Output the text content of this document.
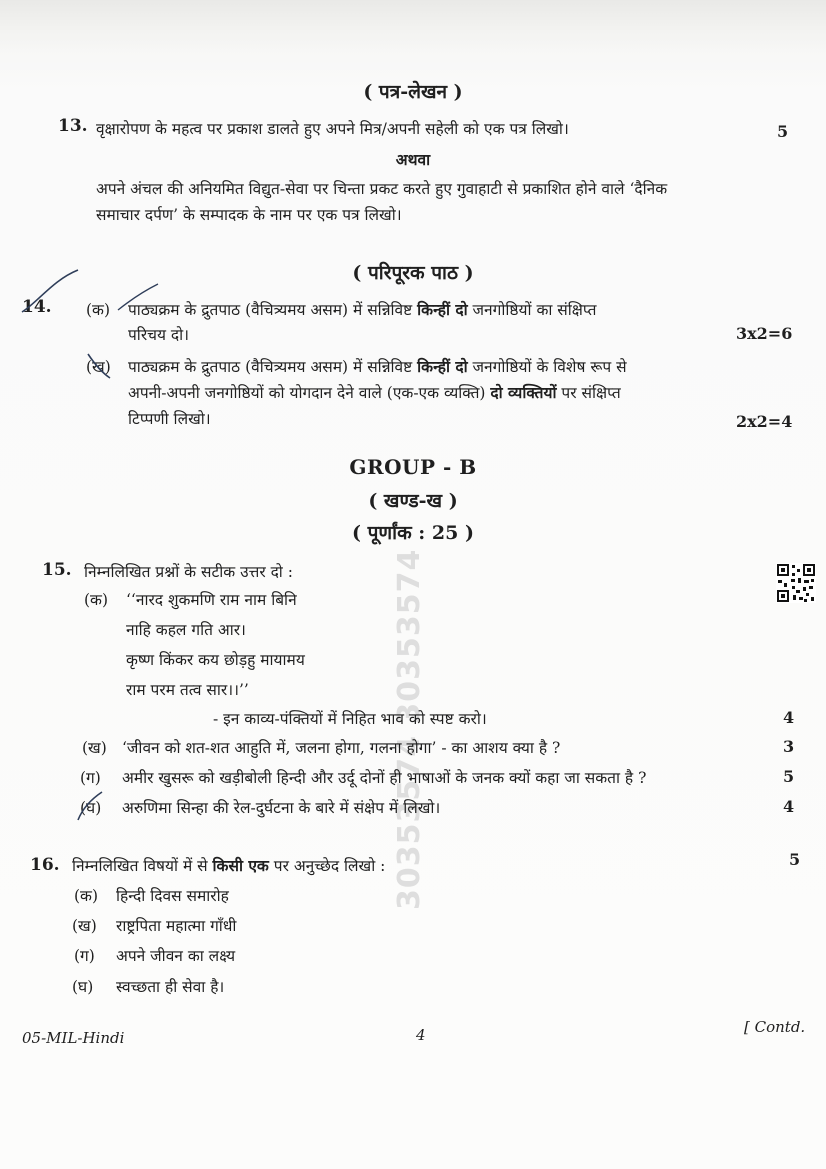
30353574 30353574
( पत्र-लेखन )
13. वृक्षारोपण के महत्व पर प्रकाश डालते हुए अपने मित्र/अपनी सहेली को एक पत्र लिखो।	5
अथवा
अपने अंचल की अनियमित विद्युत-सेवा पर चिन्ता प्रकट करते हुए गुवाहाटी से प्रकाशित होने वाले ‘दैनिक
समाचार दर्पण’ के सम्पादक के नाम पर एक पत्र लिखो।
( परिपूरक पाठ )
14. (क) पाठ्यक्रम के द्रुतपाठ (वैचित्र्यमय असम) में सन्निविष्ट किन्हीं दो जनगोष्ठियों का संक्षिप्त
परिचय दो।	3x2=6
(ख) पाठ्यक्रम के द्रुतपाठ (वैचित्र्यमय असम) में सन्निविष्ट किन्हीं दो जनगोष्ठियों के विशेष रूप से
अपनी-अपनी जनगोष्ठियों को योगदान देने वाले (एक-एक व्यक्ति) दो व्यक्तियों पर संक्षिप्त
टिप्पणी लिखो।	2x2=4
GROUP - B
( खण्ड-ख )
( पूर्णांक : 25 )
15. निम्नलिखित प्रश्नों के सटीक उत्तर दो :
(क) ‘‘नारद शुकमणि राम नाम बिनि
नाहि कहल गति आर।
कृष्ण किंकर कय छोड़हु मायामय
राम परम तत्व सार।।’’
- इन काव्य-पंक्तियों में निहित भाव को स्पष्ट करो।	4
(ख) ‘जीवन को शत-शत आहुति में, जलना होगा, गलना होगा’ - का आशय क्या है ?	3
(ग) अमीर खुसरू को खड़ीबोली हिन्दी और उर्दू दोनों ही भाषाओं के जनक क्यों कहा जा सकता है ?	5
(घ) अरुणिमा सिन्हा की रेल-दुर्घटना के बारे में संक्षेप में लिखो।	4
16. निम्नलिखित विषयों में से किसी एक पर अनुच्छेद लिखो :	5
(क) हिन्दी दिवस समारोह
(ख) राष्ट्रपिता महात्मा गाँधी
(ग) अपने जीवन का लक्ष्य
(घ) स्वच्छता ही सेवा है।
05-MIL-Hindi	4	[ Contd.
